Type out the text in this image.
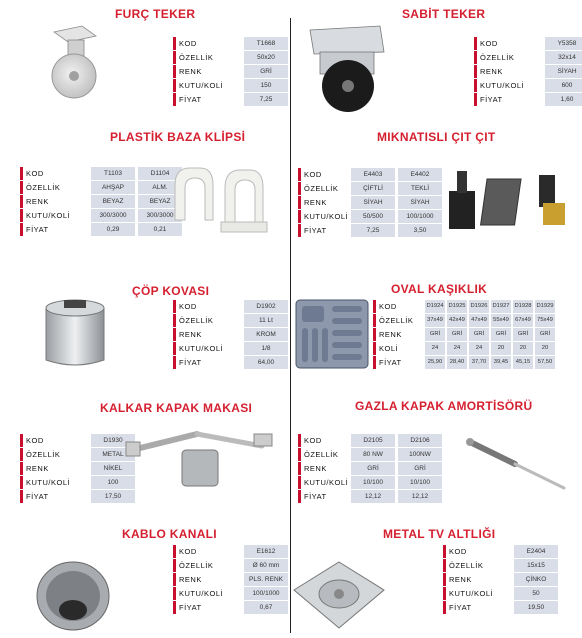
FURÇ TEKER	SABİT TEKER
PLASTİK BAZA KLİPSİ	MIKNATISLI ÇIT ÇIT
ÇÖP KOVASI	OVAL KAŞIKLIK
KALKAR KAPAK MAKASI	GAZLA KAPAK AMORTİSÖRÜ
KABLO KANALI	METAL TV ALTLIĞI
KOD	T1668
ÖZELLİK	50x20
RENK	GRİ
KUTU/KOLİ	150
FİYAT	7,25
KOD	Y5358
ÖZELLİK	32x14
RENK	SİYAH
KUTU/KOLİ	600
FİYAT	1,60
KOD	T1103	D1104
ÖZELLİK	AHŞAP	ALM.
RENK	BEYAZ	BEYAZ
KUTU/KOLİ	300/3000	300/3000
FİYAT	0,29	0,21
KOD	E4403	E4402
ÖZELLİK	ÇİFTLİ	TEKLİ
RENK	SİYAH	SİYAH
KUTU/KOLİ	50/500	100/1000
FİYAT	7,25	3,50
KOD	D1902
ÖZELLİK	11 Lt
RENK	KROM
KUTU/KOLİ	1/8
FİYAT	64,00
KOD	D1924 D1925 D1926 D1927 D1928 D1929
ÖZELLİK	37x49	42x49	47x49	55x49	67x49	75x49
RENK	GRİ	GRİ	GRİ	GRİ	GRİ	GRİ
KOLİ	24	24	24	20	20	20
FİYAT	25,90	28,40	37,70	39,45	45,15	57,50
KOD	D1930
ÖZELLİK	METAL
RENK	NİKEL
KUTU/KOLİ	100
FİYAT	17,50
KOD	D2105	D2106
ÖZELLİK	80 NW	100NW
RENK	GRİ	GRİ
KUTU/KOLİ	10/100	10/100
FİYAT	12,12	12,12
KOD	E1612
ÖZELLİK	Ø 60 mm
RENK	PLS. RENK
KUTU/KOLİ	100/1000
FİYAT	0,67
KOD	E2404
ÖZELLİK	15x15
RENK	ÇİNKO
KUTU/KOLİ	50
FİYAT	19,50
